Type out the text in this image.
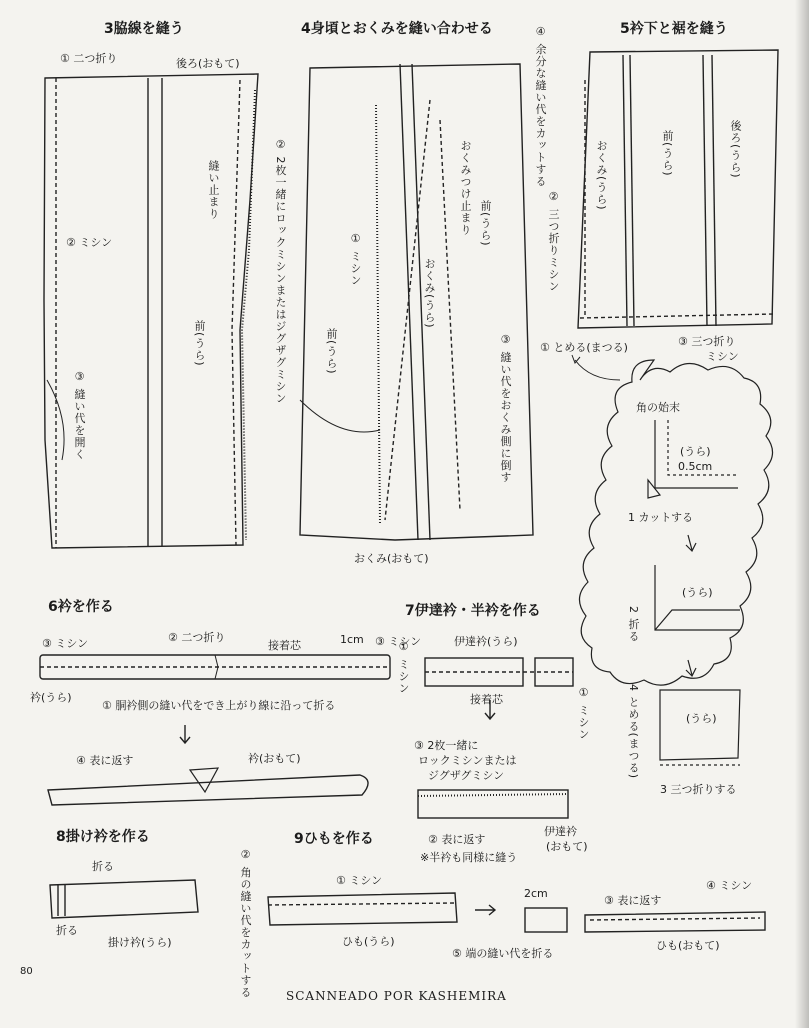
3脇線を縫う
① 二つ折り	後ろ(おもて)
縫い止まり
② ミシン
前(うら)
③ 縫い代を開く
4身頃とおくみを縫い合わせる
② 2枚一緒にロックミシンまたはジグザグミシン	① ミシン
前(うら)
おくみつけ止まり 前(うら)
おくみ(うら)
③ 縫い代をおくみ側に倒す
おくみ(おもて)
5衿下と裾を縫う
④ 余分な縫い代をカットする	おくみ(うら)	前(うら)	後ろ(うら)
② 三つ折りミシン
① とめる(まつる)	③ 三つ折り
ミシン
角の始末
(うら)
0.5cm
1 カットする
(うら)
2 折る
4 とめる(まつる)	(うら)
3 三つ折りする
6衿を作る
③ ミシン	② 二つ折り
接着芯	1cm ③ ミシン
衿(うら)
① 胴衿側の縫い代をでき上がり線に沿って折る
④ 表に返す	衿(おもて)
7伊達衿・半衿を作る
伊達衿(うら)
① ミシン
① ミシン
接着芯
③ 2枚一緒に
ロックミシンまたは
ジグザグミシン
② 表に返す
伊達衿
(おもて)
※半衿も同様に縫う
8掛け衿を作る
折る
折る
掛け衿(うら)
9ひもを作る
② 角の縫い代をカットする	① ミシン
ひも(うら)
2cm
③ 表に返す
④ ミシン
⑤ 端の縫い代を折る
ひも(おもて)
80
SCANNEADO POR KASHEMIRA
